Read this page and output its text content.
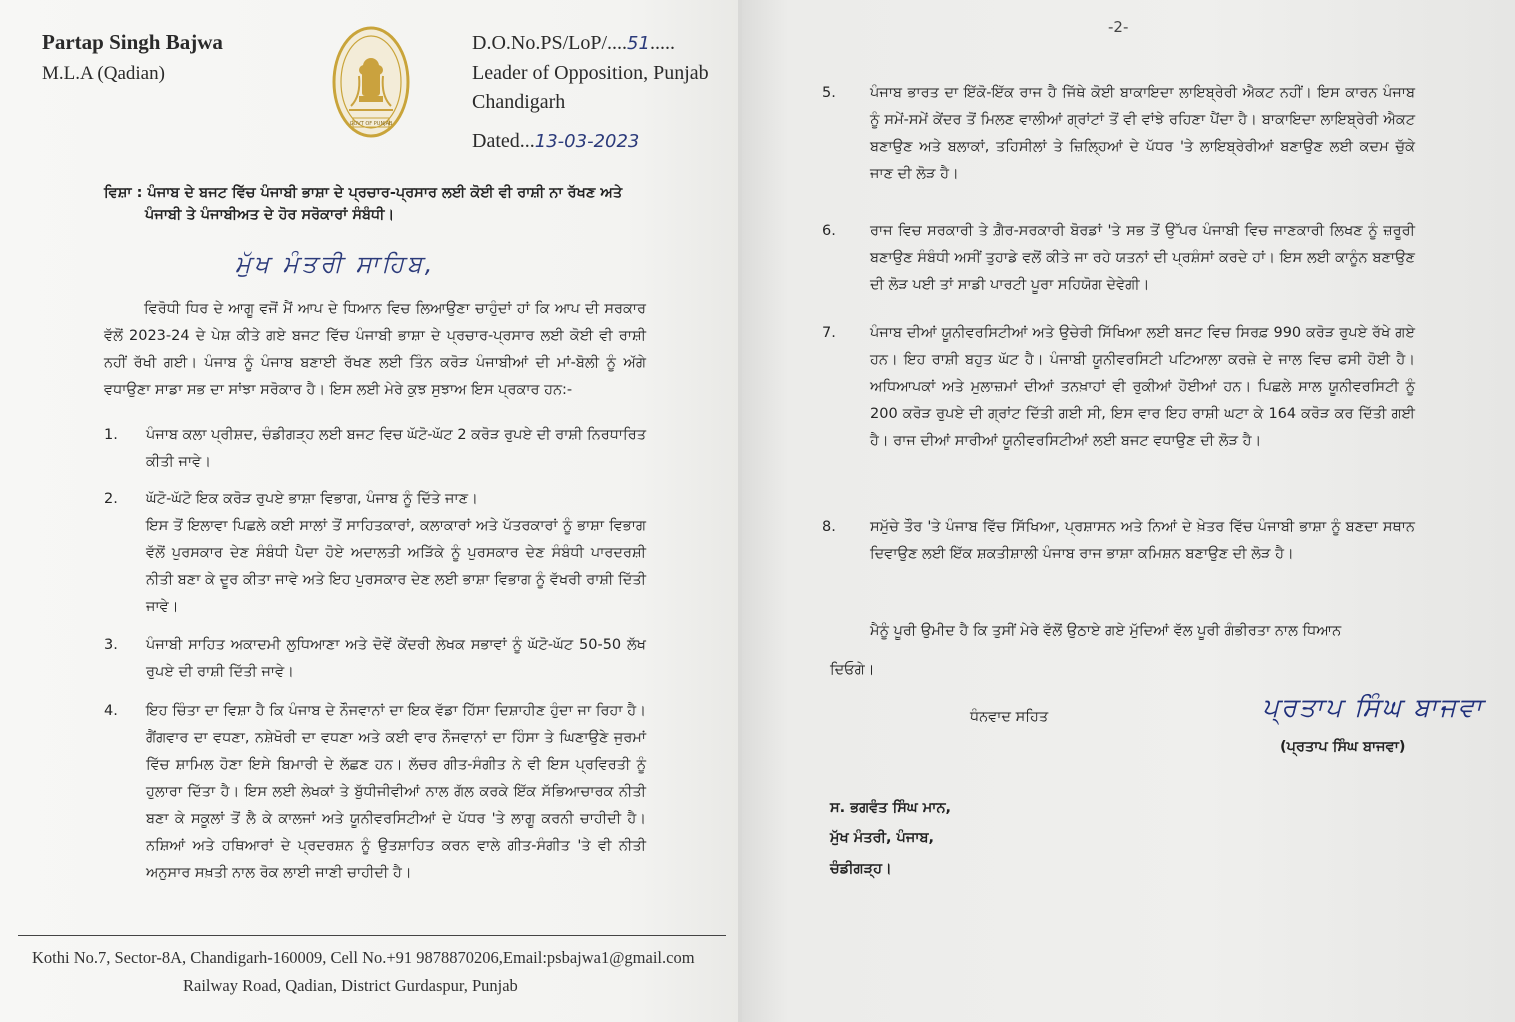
Partap Singh Bajwa
M.L.A (Qadian)
GOVT OF PUNJAB
D.O.No.PS/LoP/....51.....
Leader of Opposition, Punjab
Chandigarh
Dated...13-03-2023
ਵਿਸ਼ਾ : ਪੰਜਾਬ ਦੇ ਬਜਟ ਵਿੱਚ ਪੰਜਾਬੀ ਭਾਸ਼ਾ ਦੇ ਪ੍ਰਚਾਰ-ਪ੍ਰਸਾਰ ਲਈ ਕੋਈ ਵੀ ਰਾਸ਼ੀ ਨਾ ਰੱਖਣ ਅਤੇ
ਪੰਜਾਬੀ ਤੇ ਪੰਜਾਬੀਅਤ ਦੇ ਹੋਰ ਸਰੋਕਾਰਾਂ ਸੰਬੰਧੀ।
ਮੁੱਖ ਮੰਤਰੀ ਸਾਹਿਬ,
ਵਿਰੋਧੀ ਧਿਰ ਦੇ ਆਗੂ ਵਜੋਂ ਮੈਂ ਆਪ ਦੇ ਧਿਆਨ ਵਿਚ ਲਿਆਉਣਾ ਚਾਹੁੰਦਾਂ ਹਾਂ ਕਿ ਆਪ ਦੀ ਸਰਕਾਰ ਵੱਲੋਂ 2023-24 ਦੇ ਪੇਸ਼ ਕੀਤੇ ਗਏ ਬਜਟ ਵਿੱਚ ਪੰਜਾਬੀ ਭਾਸ਼ਾ ਦੇ ਪ੍ਰਚਾਰ-ਪ੍ਰਸਾਰ ਲਈ ਕੋਈ ਵੀ ਰਾਸ਼ੀ ਨਹੀਂ ਰੱਖੀ ਗਈ। ਪੰਜਾਬ ਨੂੰ ਪੰਜਾਬ ਬਣਾਈ ਰੱਖਣ ਲਈ ਤਿੰਨ ਕਰੋੜ ਪੰਜਾਬੀਆਂ ਦੀ ਮਾਂ-ਬੋਲੀ ਨੂੰ ਅੱਗੇ ਵਧਾਉਣਾ ਸਾਡਾ ਸਭ ਦਾ ਸਾਂਝਾ ਸਰੋਕਾਰ ਹੈ। ਇਸ ਲਈ ਮੇਰੇ ਕੁਝ ਸੁਝਾਅ ਇਸ ਪ੍ਰਕਾਰ ਹਨ:-
1.	ਪੰਜਾਬ ਕਲਾ ਪ੍ਰੀਸ਼ਦ, ਚੰਡੀਗੜ੍ਹ ਲਈ ਬਜਟ ਵਿਚ ਘੱਟੋ-ਘੱਟ 2 ਕਰੋੜ ਰੁਪਏ ਦੀ ਰਾਸ਼ੀ ਨਿਰਧਾਰਿਤ ਕੀਤੀ ਜਾਵੇ।
2.	ਘੱਟੋ-ਘੱਟੋ ਇਕ ਕਰੋੜ ਰੁਪਏ ਭਾਸ਼ਾ ਵਿਭਾਗ, ਪੰਜਾਬ ਨੂੰ ਦਿੱਤੇ ਜਾਣ।
ਇਸ ਤੋਂ ਇਲਾਵਾ ਪਿਛਲੇ ਕਈ ਸਾਲਾਂ ਤੋਂ ਸਾਹਿਤਕਾਰਾਂ, ਕਲਾਕਾਰਾਂ ਅਤੇ ਪੱਤਰਕਾਰਾਂ ਨੂੰ ਭਾਸ਼ਾ ਵਿਭਾਗ ਵੱਲੋਂ ਪੁਰਸਕਾਰ ਦੇਣ ਸੰਬੰਧੀ ਪੈਦਾ ਹੋਏ ਅਦਾਲਤੀ ਅੜਿੱਕੇ ਨੂੰ ਪੁਰਸਕਾਰ ਦੇਣ ਸੰਬੰਧੀ ਪਾਰਦਰਸ਼ੀ ਨੀਤੀ ਬਣਾ ਕੇ ਦੂਰ ਕੀਤਾ ਜਾਵੇ ਅਤੇ ਇਹ ਪੁਰਸਕਾਰ ਦੇਣ ਲਈ ਭਾਸ਼ਾ ਵਿਭਾਗ ਨੂੰ ਵੱਖਰੀ ਰਾਸ਼ੀ ਦਿੱਤੀ ਜਾਵੇ।
3.	ਪੰਜਾਬੀ ਸਾਹਿਤ ਅਕਾਦਮੀ ਲੁਧਿਆਣਾ ਅਤੇ ਦੋਵੇਂ ਕੇਂਦਰੀ ਲੇਖਕ ਸਭਾਵਾਂ ਨੂੰ ਘੱਟੋ-ਘੱਟ 50-50 ਲੱਖ ਰੁਪਏ ਦੀ ਰਾਸ਼ੀ ਦਿੱਤੀ ਜਾਵੇ।
4.	ਇਹ ਚਿੰਤਾ ਦਾ ਵਿਸ਼ਾ ਹੈ ਕਿ ਪੰਜਾਬ ਦੇ ਨੌਜਵਾਨਾਂ ਦਾ ਇਕ ਵੱਡਾ ਹਿੱਸਾ ਦਿਸ਼ਾਹੀਣ ਹੁੰਦਾ ਜਾ ਰਿਹਾ ਹੈ। ਗੈਂਗਵਾਰ ਦਾ ਵਧਣਾ, ਨਸ਼ੇਖੋਰੀ ਦਾ ਵਧਣਾ ਅਤੇ ਕਈ ਵਾਰ ਨੌਜਵਾਨਾਂ ਦਾ ਹਿੰਸਾ ਤੇ ਘਿਣਾਉਣੇ ਜੁਰਮਾਂ ਵਿੱਚ ਸ਼ਾਮਿਲ ਹੋਣਾ ਇਸੇ ਬਿਮਾਰੀ ਦੇ ਲੱਛਣ ਹਨ। ਲੱਚਰ ਗੀਤ-ਸੰਗੀਤ ਨੇ ਵੀ ਇਸ ਪ੍ਰਵਿਰਤੀ ਨੂੰ ਹੁਲਾਰਾ ਦਿੱਤਾ ਹੈ। ਇਸ ਲਈ ਲੇਖਕਾਂ ਤੇ ਬੁੱਧੀਜੀਵੀਆਂ ਨਾਲ ਗੱਲ ਕਰਕੇ ਇੱਕ ਸੱਭਿਆਚਾਰਕ ਨੀਤੀ ਬਣਾ ਕੇ ਸਕੂਲਾਂ ਤੋਂ ਲੈ ਕੇ ਕਾਲਜਾਂ ਅਤੇ ਯੂਨੀਵਰਸਿਟੀਆਂ ਦੇ ਪੱਧਰ 'ਤੇ ਲਾਗੂ ਕਰਨੀ ਚਾਹੀਦੀ ਹੈ। ਨਸ਼ਿਆਂ ਅਤੇ ਹਥਿਆਰਾਂ ਦੇ ਪ੍ਰਦਰਸ਼ਨ ਨੂੰ ਉਤਸ਼ਾਹਿਤ ਕਰਨ ਵਾਲੇ ਗੀਤ-ਸੰਗੀਤ 'ਤੇ ਵੀ ਨੀਤੀ ਅਨੁਸਾਰ ਸਖ਼ਤੀ ਨਾਲ ਰੋਕ ਲਾਈ ਜਾਣੀ ਚਾਹੀਦੀ ਹੈ।
Kothi No.7, Sector-8A, Chandigarh-160009, Cell No.+91 9878870206,Email:psbajwa1@gmail.com
Railway Road, Qadian, District Gurdaspur, Punjab
-2-
5.	ਪੰਜਾਬ ਭਾਰਤ ਦਾ ਇੱਕੋ-ਇੱਕ ਰਾਜ ਹੈ ਜਿੱਥੇ ਕੋਈ ਬਾਕਾਇਦਾ ਲਾਇਬ੍ਰੇਰੀ ਐਕਟ ਨਹੀਂ। ਇਸ ਕਾਰਨ ਪੰਜਾਬ ਨੂੰ ਸਮੇਂ-ਸਮੇਂ ਕੇਂਦਰ ਤੋਂ ਮਿਲਣ ਵਾਲੀਆਂ ਗ੍ਰਾਂਟਾਂ ਤੋਂ ਵੀ ਵਾਂਝੇ ਰਹਿਣਾ ਪੈਂਦਾ ਹੈ। ਬਾਕਾਇਦਾ ਲਾਇਬ੍ਰੇਰੀ ਐਕਟ ਬਣਾਉਣ ਅਤੇ ਬਲਾਕਾਂ, ਤਹਿਸੀਲਾਂ ਤੇ ਜ਼ਿਲ੍ਹਿਆਂ ਦੇ ਪੱਧਰ 'ਤੇ ਲਾਇਬ੍ਰੇਰੀਆਂ ਬਣਾਉਣ ਲਈ ਕਦਮ ਚੁੱਕੇ ਜਾਣ ਦੀ ਲੋੜ ਹੈ।
6.	ਰਾਜ ਵਿਚ ਸਰਕਾਰੀ ਤੇ ਗ਼ੈਰ-ਸਰਕਾਰੀ ਬੋਰਡਾਂ 'ਤੇ ਸਭ ਤੋਂ ਉੱਪਰ ਪੰਜਾਬੀ ਵਿਚ ਜਾਣਕਾਰੀ ਲਿਖਣ ਨੂੰ ਜ਼ਰੂਰੀ ਬਣਾਉਣ ਸੰਬੰਧੀ ਅਸੀਂ ਤੁਹਾਡੇ ਵਲੋਂ ਕੀਤੇ ਜਾ ਰਹੇ ਯਤਨਾਂ ਦੀ ਪ੍ਰਸ਼ੰਸਾਂ ਕਰਦੇ ਹਾਂ। ਇਸ ਲਈ ਕਾਨੂੰਨ ਬਣਾਉਣ ਦੀ ਲੋੜ ਪਈ ਤਾਂ ਸਾਡੀ ਪਾਰਟੀ ਪੂਰਾ ਸਹਿਯੋਗ ਦੇਵੇਗੀ।
7.	ਪੰਜਾਬ ਦੀਆਂ ਯੂਨੀਵਰਸਿਟੀਆਂ ਅਤੇ ਉਚੇਰੀ ਸਿੱਖਿਆ ਲਈ ਬਜਟ ਵਿਚ ਸਿਰਫ਼ 990 ਕਰੋੜ ਰੁਪਏ ਰੱਖੇ ਗਏ ਹਨ। ਇਹ ਰਾਸ਼ੀ ਬਹੁਤ ਘੱਟ ਹੈ। ਪੰਜਾਬੀ ਯੂਨੀਵਰਸਿਟੀ ਪਟਿਆਲਾ ਕਰਜ਼ੇ ਦੇ ਜਾਲ ਵਿਚ ਫਸੀ ਹੋਈ ਹੈ। ਅਧਿਆਪਕਾਂ ਅਤੇ ਮੁਲਾਜ਼ਮਾਂ ਦੀਆਂ ਤਨਖ਼ਾਹਾਂ ਵੀ ਰੁਕੀਆਂ ਹੋਈਆਂ ਹਨ। ਪਿਛਲੇ ਸਾਲ ਯੂਨੀਵਰਸਿਟੀ ਨੂੰ 200 ਕਰੋੜ ਰੁਪਏ ਦੀ ਗ੍ਰਾਂਟ ਦਿੱਤੀ ਗਈ ਸੀ, ਇਸ ਵਾਰ ਇਹ ਰਾਸ਼ੀ ਘਟਾ ਕੇ 164 ਕਰੋੜ ਕਰ ਦਿੱਤੀ ਗਈ ਹੈ। ਰਾਜ ਦੀਆਂ ਸਾਰੀਆਂ ਯੂਨੀਵਰਸਿਟੀਆਂ ਲਈ ਬਜਟ ਵਧਾਉਣ ਦੀ ਲੋੜ ਹੈ।
8.	ਸਮੁੱਚੇ ਤੌਰ 'ਤੇ ਪੰਜਾਬ ਵਿੱਚ ਸਿੱਖਿਆ, ਪ੍ਰਸ਼ਾਸਨ ਅਤੇ ਨਿਆਂ ਦੇ ਖ਼ੇਤਰ ਵਿੱਚ ਪੰਜਾਬੀ ਭਾਸ਼ਾ ਨੂੰ ਬਣਦਾ ਸਥਾਨ ਦਿਵਾਉਣ ਲਈ ਇੱਕ ਸ਼ਕਤੀਸ਼ਾਲੀ ਪੰਜਾਬ ਰਾਜ ਭਾਸ਼ਾ ਕਮਿਸ਼ਨ ਬਣਾਉਣ ਦੀ ਲੋੜ ਹੈ।
ਮੈਨੂੰ ਪੂਰੀ ਉਮੀਦ ਹੈ ਕਿ ਤੁਸੀਂ ਮੇਰੇ ਵੱਲੋਂ ਉਠਾਏ ਗਏ ਮੁੱਦਿਆਂ ਵੱਲ ਪੂਰੀ ਗੰਭੀਰਤਾ ਨਾਲ ਧਿਆਨ
ਦਿਓਗੇ।
ਧੰਨਵਾਦ ਸਹਿਤ	ਪ੍ਰਤਾਪ ਸਿੰਘ ਬਾਜਵਾ
(ਪ੍ਰਤਾਪ ਸਿੰਘ ਬਾਜਵਾ)
ਸ. ਭਗਵੰਤ ਸਿੰਘ ਮਾਨ,
ਮੁੱਖ ਮੰਤਰੀ, ਪੰਜਾਬ,
ਚੰਡੀਗੜ੍ਹ।
